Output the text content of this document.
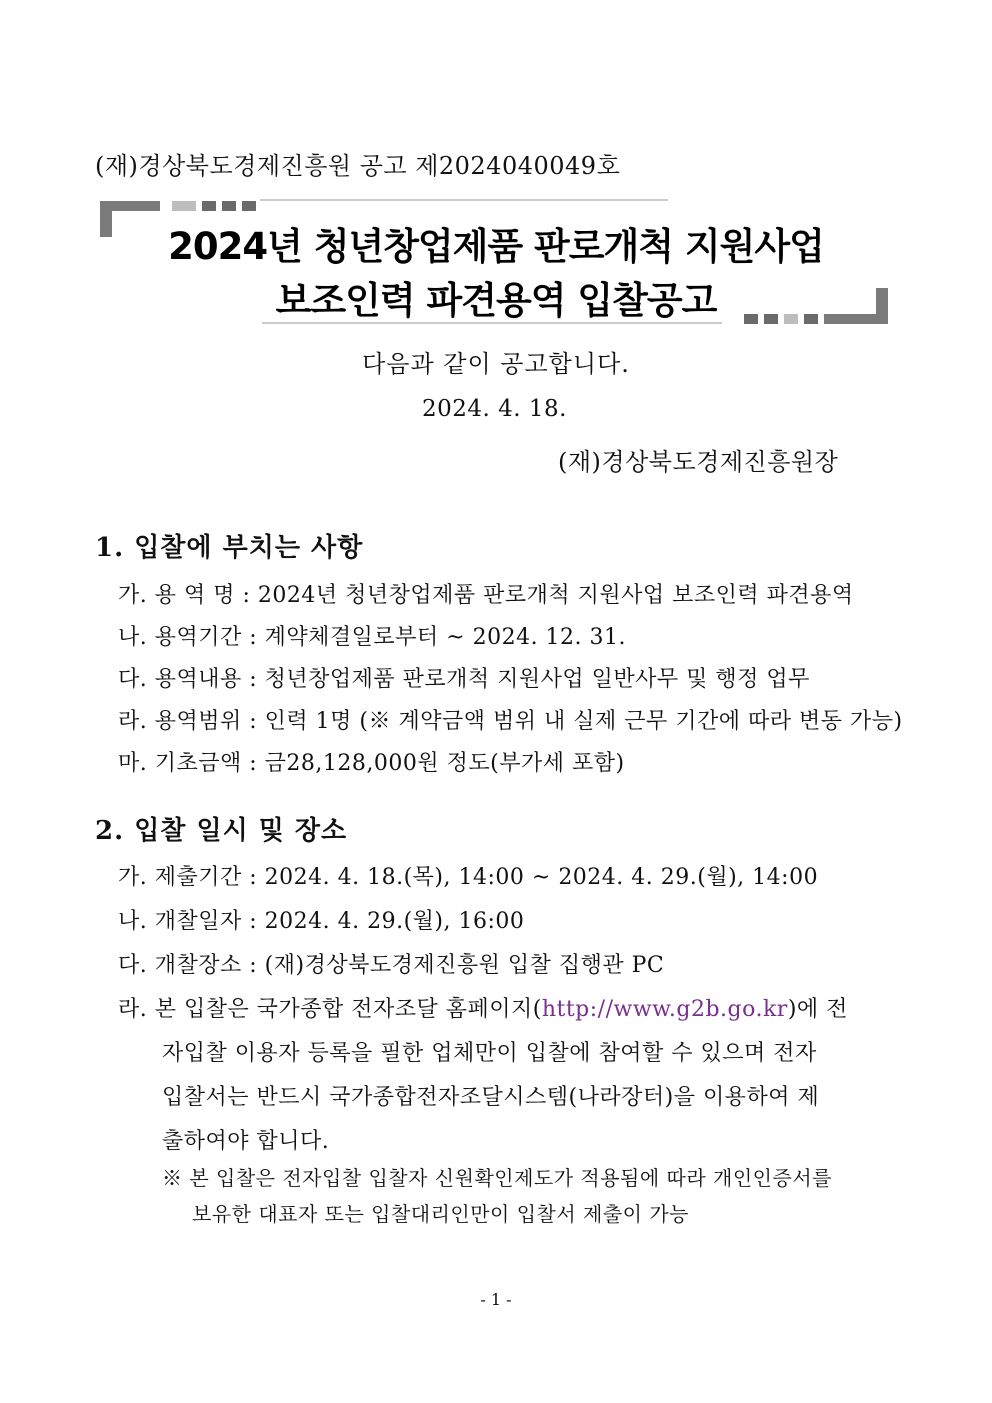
(재)경상북도경제진흥원 공고 제2024040049호
2024년 청년창업제품 판로개척 지원사업
보조인력 파견용역 입찰공고
다음과 같이 공고합니다.
2024. 4. 18.
(재)경상북도경제진흥원장
1. 입찰에 부치는 사항
가. 용 역 명 : 2024년 청년창업제품 판로개척 지원사업 보조인력 파견용역
나. 용역기간 : 계약체결일로부터 ~ 2024. 12. 31.
다. 용역내용 : 청년창업제품 판로개척 지원사업 일반사무 및 행정 업무
라. 용역범위 : 인력 1명 (※ 계약금액 범위 내 실제 근무 기간에 따라 변동 가능)
마. 기초금액 : 금28,128,000원 정도(부가세 포함)
2. 입찰 일시 및 장소
가. 제출기간 : 2024. 4. 18.(목), 14:00 ~ 2024. 4. 29.(월), 14:00
나. 개찰일자 : 2024. 4. 29.(월), 16:00
다. 개찰장소 : (재)경상북도경제진흥원 입찰 집행관 PC
라. 본 입찰은 국가종합 전자조달 홈페이지(http://www.g2b.go.kr)에 전
자입찰 이용자 등록을 필한 업체만이 입찰에 참여할 수 있으며 전자
입찰서는 반드시 국가종합전자조달시스템(나라장터)을 이용하여 제
출하여야 합니다.
※ 본 입찰은 전자입찰 입찰자 신원확인제도가 적용됨에 따라 개인인증서를
보유한 대표자 또는 입찰대리인만이 입찰서 제출이 가능
- 1 -
